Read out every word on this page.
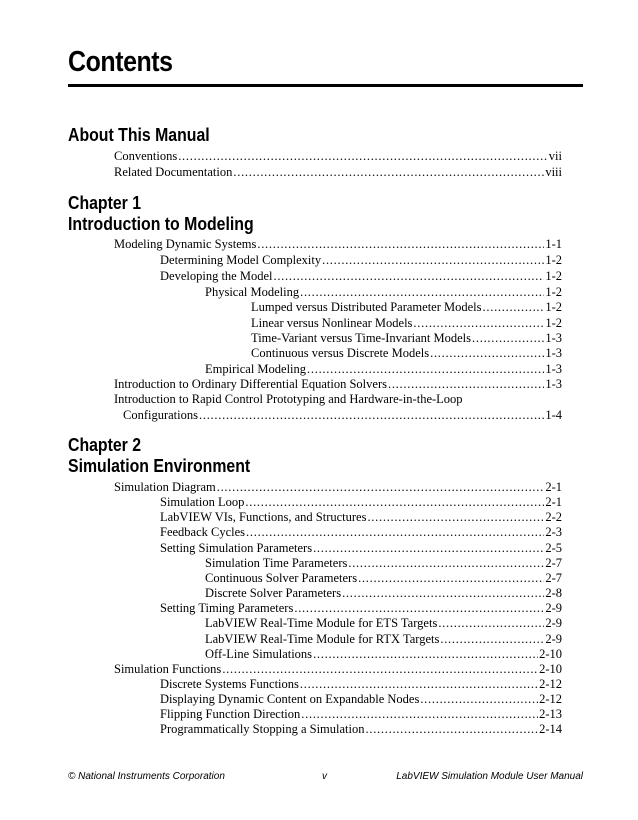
Contents
About This Manual
Conventions . . .	vii
Related Documentation . . .	viii
Chapter 1
Introduction to Modeling
Modeling Dynamic Systems . . .	1-1
Determining Model Complexity . . .	1-2
Developing the Model . . .	1-2
Physical Modeling . . .	1-2
Lumped versus Distributed Parameter Models . . .	1-2
Linear versus Nonlinear Models . . .	1-2
Time-Variant versus Time-Invariant Models . . .	1-3
Continuous versus Discrete Models . . .	1-3
Empirical Modeling . . .	1-3
Introduction to Ordinary Differential Equation Solvers . . .	1-3
Introduction to Rapid Control Prototyping and Hardware-in-the-Loop
Configurations . . .	1-4
Chapter 2
Simulation Environment
Simulation Diagram . . .	2-1
Simulation Loop . . .	2-1
LabVIEW VIs, Functions, and Structures . . .	2-2
Feedback Cycles . . .	2-3
Setting Simulation Parameters . . .	2-5
Simulation Time Parameters . . .	2-7
Continuous Solver Parameters . . .	2-7
Discrete Solver Parameters . . .	2-8
Setting Timing Parameters . . .	2-9
LabVIEW Real-Time Module for ETS Targets . . .	2-9
LabVIEW Real-Time Module for RTX Targets . . .	2-9
Off-Line Simulations . . .	2-10
Simulation Functions . . .	2-10
Discrete Systems Functions . . .	2-12
Displaying Dynamic Content on Expandable Nodes . . .	2-12
Flipping Function Direction . . .	2-13
Programmatically Stopping a Simulation . . .	2-14
© National Instruments Corporation	v	LabVIEW Simulation Module User Manual
